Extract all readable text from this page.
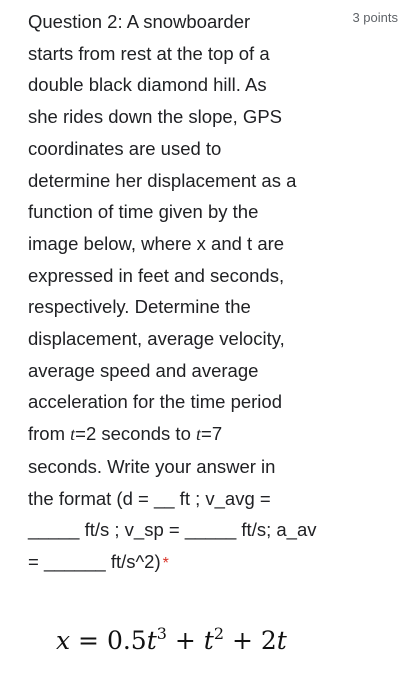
3 points
Question 2: A snowboarder
starts from rest at the top of a
double black diamond hill. As
she rides down the slope, GPS
coordinates are used to
determine her displacement as a
function of time given by the
image below, where x and t are
expressed in feet and seconds,
respectively. Determine the
displacement, average velocity,
average speed and average
acceleration for the time period
from t=2 seconds to t=7
seconds. Write your answer in
the format (d = __ ft ; v_avg =
_____ ft/s ; v_sp = _____ ft/s; a_av
= ______ ft/s^2) *
$x = 0.5t^3 + t^2 + 2t$
